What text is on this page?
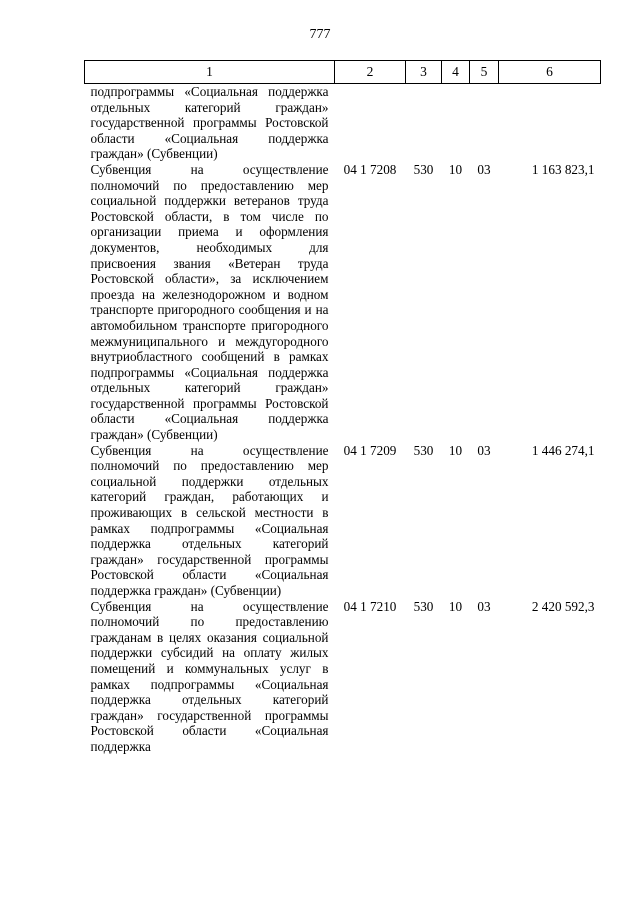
777
1	2	3	4	5	6

подпрограммы «Социальная поддержка отдельных категорий граждан» государственной программы Ростовской области «Социальная поддержка граждан» (Субвенции)					

Субвенция на осуществление полномочий по предоставлению мер социальной поддержки ветеранов труда Ростовской области, в том числе по организации приема и оформления документов, необходимых для присвоения звания «Ветеран труда Ростовской области», за исключением проезда на железнодорожном и водном транспорте пригородного сообщения и на автомобильном транспорте пригородного межмуниципального и междугородного внутриобластного сообщений в рамках подпрограммы «Социальная поддержка отдельных категорий граждан» государственной программы Ростовской области «Социальная поддержка граждан» (Субвенции)	04 1 7208	530	10	03	1 163 823,1

Субвенция на осуществление полномочий по предоставлению мер социальной поддержки отдельных категорий граждан, работающих и проживающих в сельской местности в рамках подпрограммы «Социальная поддержка отдельных категорий граждан» государственной программы Ростовской области «Социальная поддержка граждан» (Субвенции)	04 1 7209	530	10	03	1 446 274,1

Субвенция на осуществление полномочий по предоставлению гражданам в целях оказания социальной поддержки субсидий на оплату жилых помещений и коммунальных услуг в рамках подпрограммы «Социальная поддержка отдельных категорий граждан» государственной программы Ростовской области «Социальная поддержка	04 1 7210	530	10	03	2 420 592,3
